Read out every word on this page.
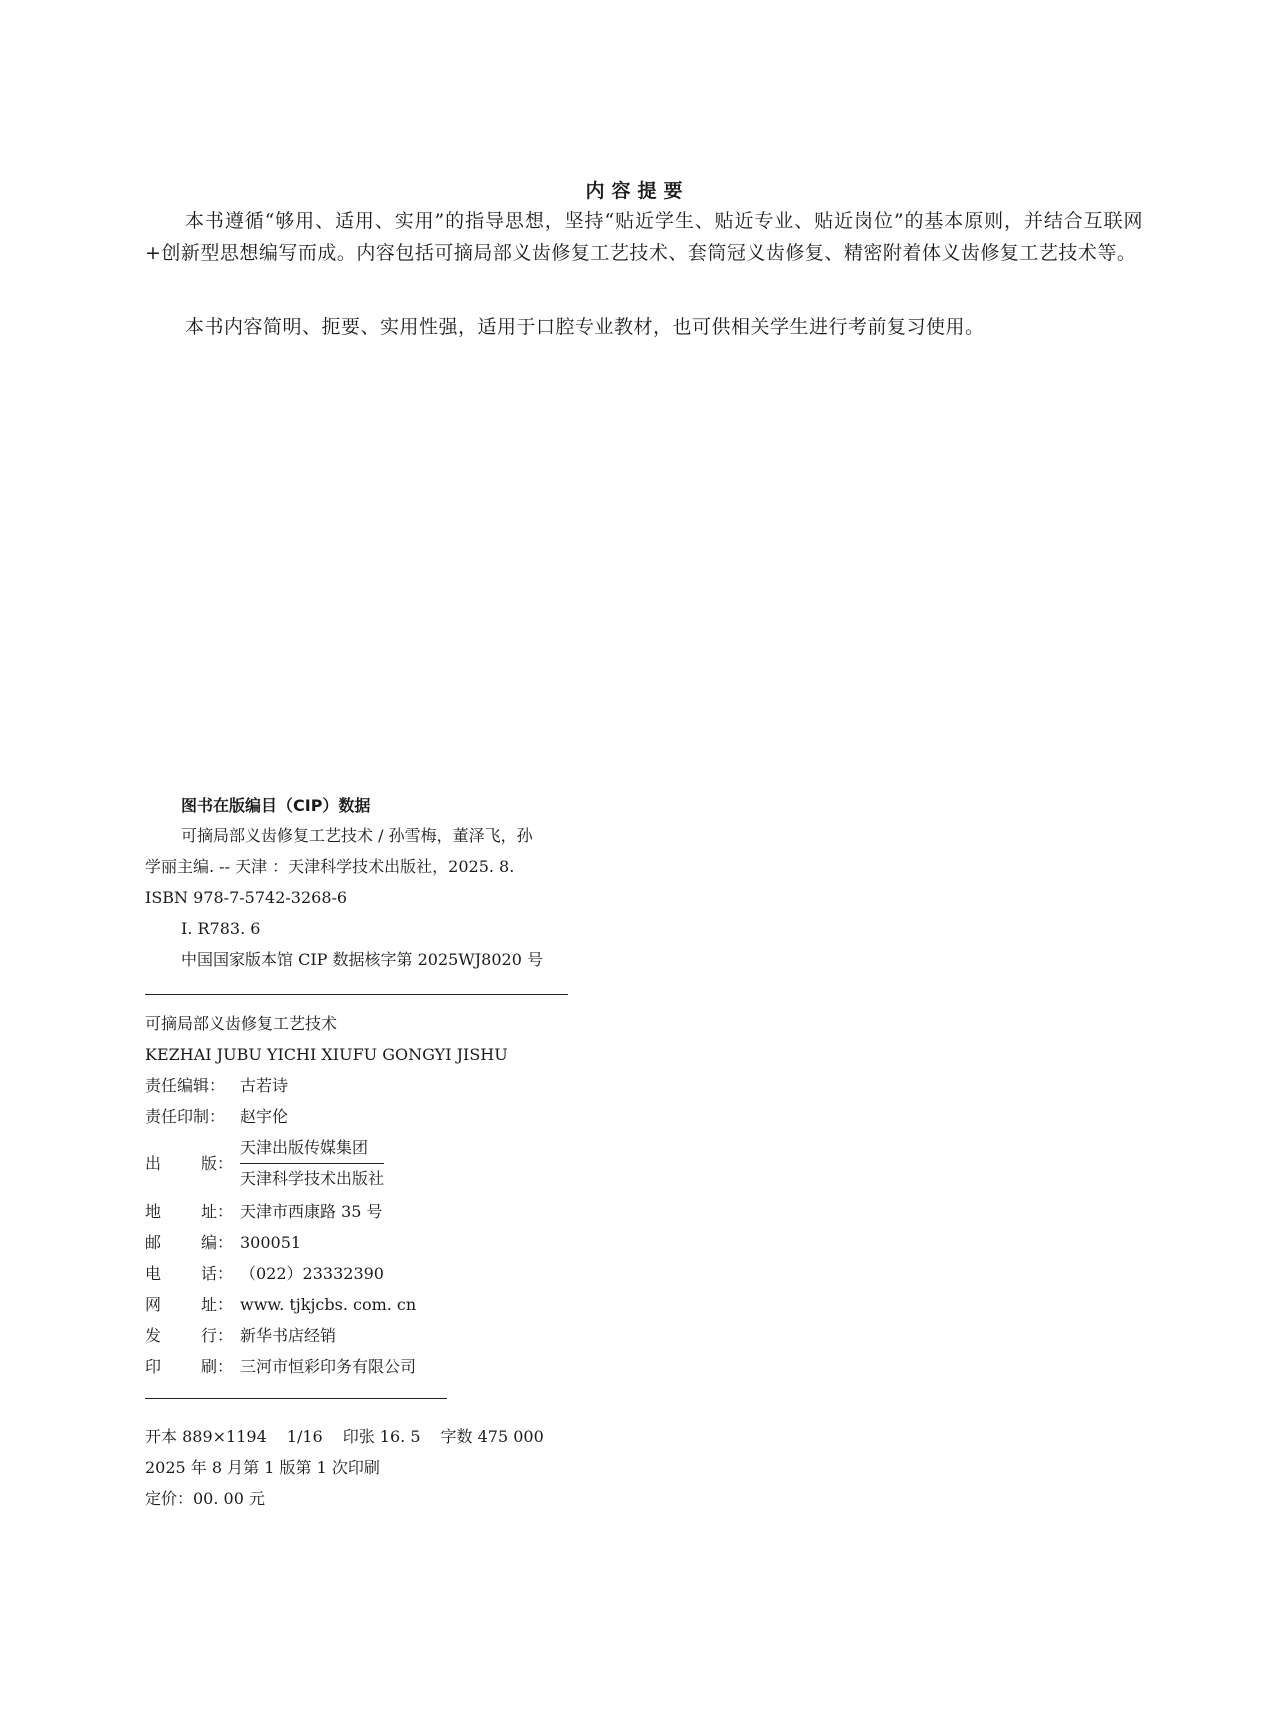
内容提要

本书遵循“够用、适用、实用”的指导思想，坚持“贴近学生、贴近专业、贴近岗位”的基本原则，并结合互联网+创新型思想编写而成。内容包括可摘局部义齿修复工艺技术、套筒冠义齿修复、精密附着体义齿修复工艺技术等。

本书内容简明、扼要、实用性强，适用于口腔专业教材，也可供相关学生进行考前复习使用。

图书在版编目（CIP）数据

可摘局部义齿修复工艺技术 / 孙雪梅，董泽飞，孙

学丽主编. -- 天津 ：天津科学技术出版社，2025. 8.

ISBN 978-7-5742-3268-6

Ⅰ. R783. 6

中国国家版本馆 CIP 数据核字第 2025WJ8020 号

可摘局部义齿修复工艺技术
KEZHAI JUBU YICHI XIUFU GONGYI JISHU
责任编辑： 古若诗
责任印制： 赵宇伦
出 版：
天津出版传媒集团
天津科学技术出版社
地 址： 天津市西康路 35 号
邮 编： 300051
电 话： （022）23332390
网 址： www. tjkjcbs. com. cn
发 行： 新华书店经销
印 刷： 三河市恒彩印务有限公司

开本 889×1194 1/16 印张 16. 5 字数 475 000

2025 年 8 月第 1 版第 1 次印刷

定价：00. 00 元
